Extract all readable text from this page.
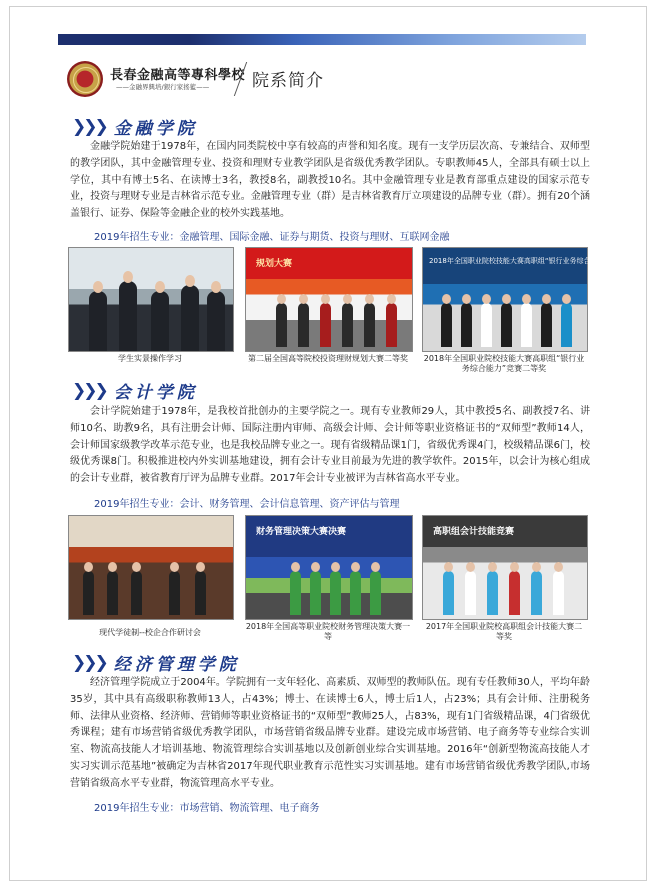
長春金融高等專科學校
——金融界興培/銀行家搖籃——	院系简介
❯❯❯ 金融学院

金融学院始建于1978年，在国内同类院校中享有较高的声誉和知名度。现有一支学历层次高、专兼结合、双师型的教学团队，其中金融管理专业、投资和理财专业教学团队是省级优秀教学团队。专职教师45人，全部具有硕士以上学位，其中有博士5名、在读博士3名，教授8名，副教授10名。其中金融管理专业是教育部重点建设的国家示范专业，投资与理财专业是吉林省示范专业。金融管理专业（群）是吉林省教育厅立项建设的品牌专业（群）。拥有20个涵盖银行、证券、保险等金融企业的校外实践基地。

2019年招生专业：金融管理、国际金融、证券与期货、投资与理财、互联网金融
学生实景操作学习
规划大赛
第二届全国高等院校投资理财规划大赛二等奖
2018年全国职业院校技能大赛高职组“银行业务综合技能”
2018年全国职业院校技能大赛高职组“银行业务综合能力”竞赛二等奖
❯❯❯ 会计学院

会计学院始建于1978年，是我校首批创办的主要学院之一。现有专业教师29人，其中教授5名、副教授7名、讲师10名、助教9名，具有注册会计师、国际注册内审师、高级会计师、会计师等职业资格证书的“双师型”教师14人，会计师国家级教学改革示范专业，也是我校品牌专业之一。现有省级精品课1门，省级优秀课4门，校级精品课6门，校级优秀课8门。积极推进校内外实训基地建设，拥有会计专业目前最为先进的教学软件。2015年，以会计为核心组成的会计专业群，被省教育厅评为品牌专业群。2017年会计专业被评为吉林省高水平专业。

2019年招生专业：会计、财务管理、会计信息管理、资产评估与管理
现代学徒制--校企合作研讨会
财务管理决策大赛决赛
2018年全国高等职业院校财务管理决策大赛一等
高职组会计技能竞赛
2017年全国职业院校高职组会计技能大赛二等奖
❯❯❯ 经济管理学院

经济管理学院成立于2004年。学院拥有一支年轻化、高素质、双师型的教师队伍。现有专任教师30人，平均年龄35岁，其中具有高级职称教师13人，占43%；博士、在读博士6人，博士后1人，占23%；具有会计师、注册税务师、法律从业资格、经济师、营销师等职业资格证书的“双师型”教师25人，占83%，现有1门省级精品课，4门省级优秀课程；建有市场营销省级优秀教学团队，市场营销省级品牌专业群。建设完成市场营销、电子商务等专业综合实训室、物流高技能人才培训基地、物流管理综合实训基地以及创新创业综合实训基地。2016年“创新型物流高技能人才实习实训示范基地”被确定为吉林省2017年现代职业教育示范性实习实训基地。建有市场营销省级优秀教学团队,市场营销省级高水平专业群，物流管理高水平专业。

2019年招生专业：市场营销、物流管理、电子商务
